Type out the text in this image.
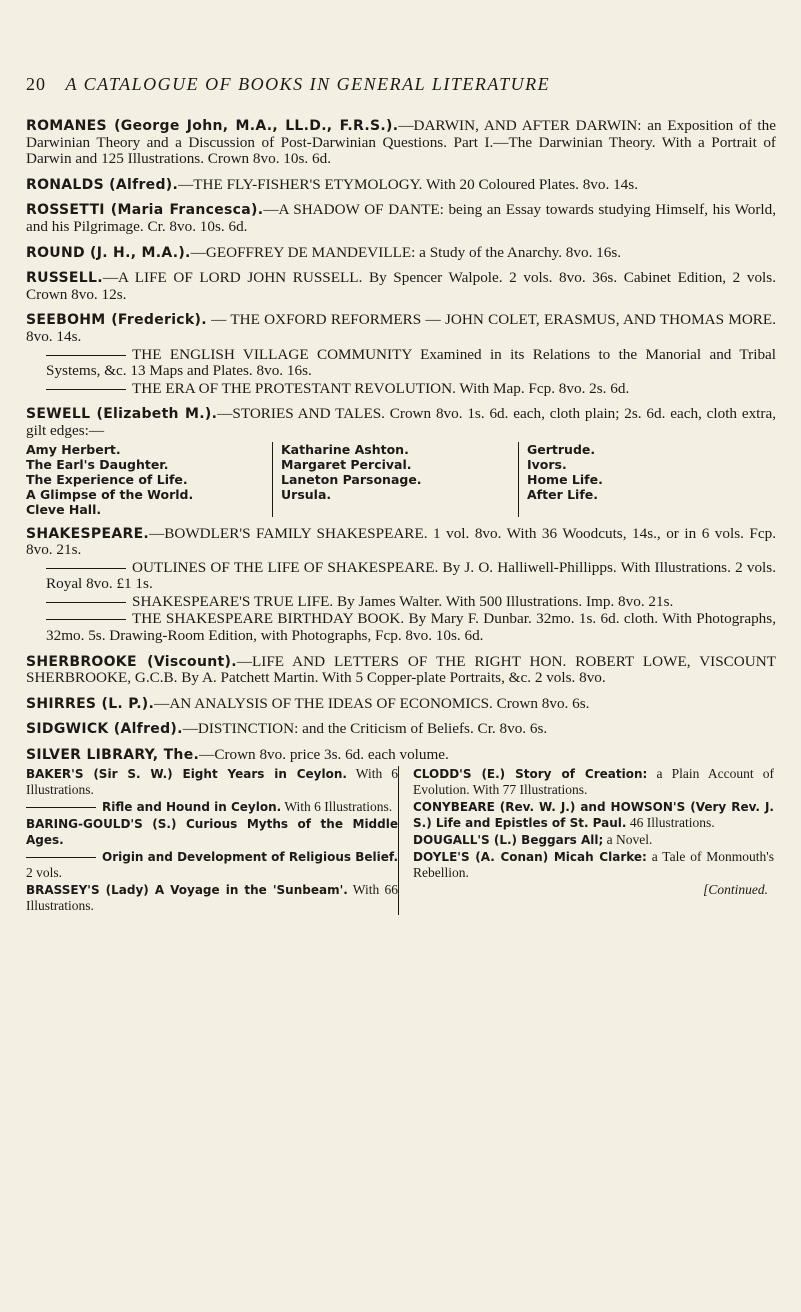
20 A CATALOGUE OF BOOKS IN GENERAL LITERATURE
ROMANES (George John, M.A., LL.D., F.R.S.).—DARWIN, AND AFTER DARWIN: an Exposition of the Darwinian Theory and a Discussion of Post-Darwinian Questions. Part I.—The Darwinian Theory. With a Portrait of Darwin and 125 Illustrations. Crown 8vo. 10s. 6d.
RONALDS (Alfred).—THE FLY-FISHER'S ETYMOLOGY. With 20 Coloured Plates. 8vo. 14s.
ROSSETTI (Maria Francesca).—A SHADOW OF DANTE: being an Essay towards studying Himself, his World, and his Pilgrimage. Cr. 8vo. 10s. 6d.
ROUND (J. H., M.A.).—GEOFFREY DE MANDEVILLE: a Study of the Anarchy. 8vo. 16s.
RUSSELL.—A LIFE OF LORD JOHN RUSSELL. By Spencer Walpole. 2 vols. 8vo. 36s. Cabinet Edition, 2 vols. Crown 8vo. 12s.
SEEBOHM (Frederick). — THE OXFORD REFORMERS — JOHN COLET, ERASMUS, AND THOMAS MORE. 8vo. 14s.
THE ENGLISH VILLAGE COMMUNITY Examined in its Relations to the Manorial and Tribal Systems, &c. 13 Maps and Plates. 8vo. 16s.
THE ERA OF THE PROTESTANT REVOLUTION. With Map. Fcp. 8vo. 2s. 6d.
SEWELL (Elizabeth M.).—STORIES AND TALES. Crown 8vo. 1s. 6d. each, cloth plain; 2s. 6d. each, cloth extra, gilt edges:—
Amy Herbert.
The Earl's Daughter.
The Experience of Life.
A Glimpse of the World.
Cleve Hall.
Katharine Ashton.
Margaret Percival.
Laneton Parsonage.
Ursula.
Gertrude.
Ivors.
Home Life.
After Life.
SHAKESPEARE.—BOWDLER'S FAMILY SHAKESPEARE. 1 vol. 8vo. With 36 Woodcuts, 14s., or in 6 vols. Fcp. 8vo. 21s.
OUTLINES OF THE LIFE OF SHAKESPEARE. By J. O. Halliwell-Phillipps. With Illustrations. 2 vols. Royal 8vo. £1 1s.
SHAKESPEARE'S TRUE LIFE. By James Walter. With 500 Illustrations. Imp. 8vo. 21s.
THE SHAKESPEARE BIRTHDAY BOOK. By Mary F. Dunbar. 32mo. 1s. 6d. cloth. With Photographs, 32mo. 5s. Drawing-Room Edition, with Photographs, Fcp. 8vo. 10s. 6d.
SHERBROOKE (Viscount).—LIFE AND LETTERS OF THE RIGHT HON. ROBERT LOWE, VISCOUNT SHERBROOKE, G.C.B. By A. Patchett Martin. With 5 Copper-plate Portraits, &c. 2 vols. 8vo.
SHIRRES (L. P.).—AN ANALYSIS OF THE IDEAS OF ECONOMICS. Crown 8vo. 6s.
SIDGWICK (Alfred).—DISTINCTION: and the Criticism of Beliefs. Cr. 8vo. 6s.
SILVER LIBRARY, The.—Crown 8vo. price 3s. 6d. each volume.
BAKER'S (Sir S. W.) Eight Years in Ceylon. With 6 Illustrations.
Rifle and Hound in Ceylon. With 6 Illustrations.
BARING-GOULD'S (S.) Curious Myths of the Middle Ages.
Origin and Development of Religious Belief. 2 vols.
BRASSEY'S (Lady) A Voyage in the 'Sunbeam'. With 66 Illustrations.
CLODD'S (E.) Story of Creation: a Plain Account of Evolution. With 77 Illustrations.
CONYBEARE (Rev. W. J.) and HOWSON'S (Very Rev. J. S.) Life and Epistles of St. Paul. 46 Illustrations.
DOUGALL'S (L.) Beggars All; a Novel.
DOYLE'S (A. Conan) Micah Clarke: a Tale of Monmouth's Rebellion.
[Continued.
